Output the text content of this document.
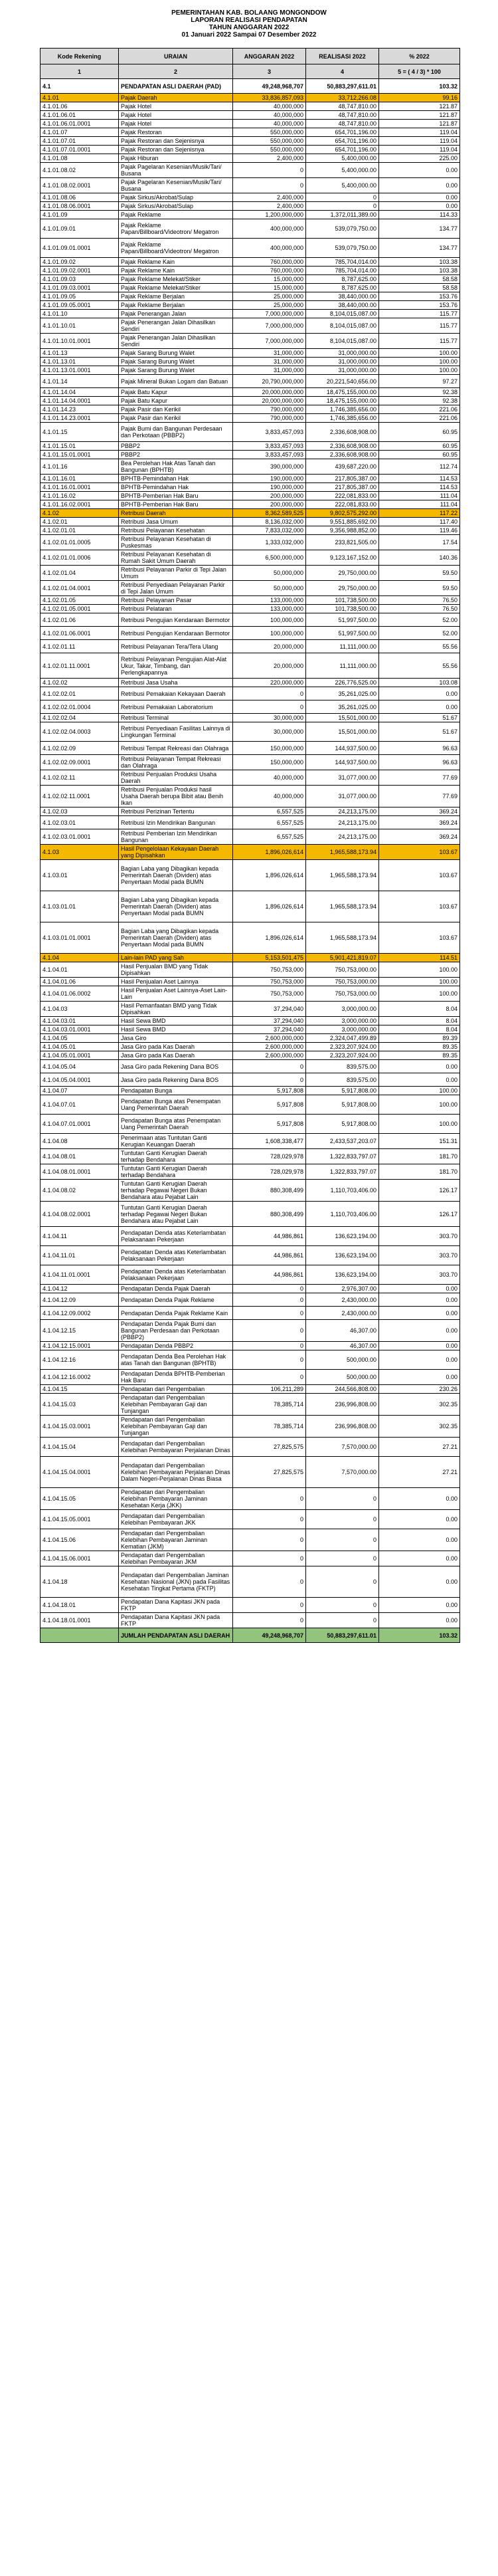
PEMERINTAHAN KAB. BOLAANG MONGONDOW
LAPORAN REALISASI PENDAPATAN
TAHUN ANGGARAN 2022
01 Januari 2022 Sampai 07 Desember 2022
Kode Rekening	URAIAN	ANGGARAN 2022	REALISASI 2022	% 2022
1	2	3	4	5 = ( 4 / 3) * 100
4.1	PENDAPATAN ASLI DAERAH (PAD)	49,248,968,707	50,883,297,611.01	103.32
4.1.01	Pajak Daerah	33,836,857,093	33,712,266.08	99.16
4.1.01.06	Pajak Hotel	40,000,000	48,747,810.00	121.87
4.1.01.06.01	Pajak Hotel	40,000,000	48,747,810.00	121.87
4.1.01.06.01.0001	Pajak Hotel	40,000,000	48,747,810.00	121.87
4.1.01.07	Pajak Restoran	550,000,000	654,701,196.00	119.04
4.1.01.07.01	Pajak Restoran dan Sejenisnya	550,000,000	654,701,196.00	119.04
4.1.01.07.01.0001	Pajak Restoran dan Sejenisnya	550,000,000	654,701,196.00	119.04
4.1.01.08	Pajak Hiburan	2,400,000	5,400,000.00	225.00
4.1.01.08.02	Pajak Pagelaran Kesenian/Musik/Tari/ Busana	0	5,400,000.00	0.00
4.1.01.08.02.0001	Pajak Pagelaran Kesenian/Musik/Tari/ Busana	0	5,400,000.00	0.00
4.1.01.08.06	Pajak Sirkus/Akrobat/Sulap	2,400,000	0	0.00
4.1.01.08.06.0001	Pajak Sirkus/Akrobat/Sulap	2,400,000	0	0.00
4.1.01.09	Pajak Reklame	1,200,000,000	1,372,011,389.00	114.33
4.1.01.09.01	Pajak Reklame Papan/Billboard/Videotron/ Megatron	400,000,000	539,079,750.00	134.77
4.1.01.09.01.0001	Pajak Reklame Papan/Billboard/Videotron/ Megatron	400,000,000	539,079,750.00	134.77
4.1.01.09.02	Pajak Reklame Kain	760,000,000	785,704,014.00	103.38
4.1.01.09.02.0001	Pajak Reklame Kain	760,000,000	785,704,014.00	103.38
4.1.01.09.03	Pajak Reklame Melekat/Stiker	15,000,000	8,787,625.00	58.58
4.1.01.09.03.0001	Pajak Reklame Melekat/Stiker	15,000,000	8,787,625.00	58.58
4.1.01.09.05	Pajak Reklame Berjalan	25,000,000	38,440,000.00	153.76
4.1.01.09.05.0001	Pajak Reklame Berjalan	25,000,000	38,440,000.00	153.76
4.1.01.10	Pajak Penerangan Jalan	7,000,000,000	8,104,015,087.00	115.77
4.1.01.10.01	Pajak Penerangan Jalan Dihasilkan Sendiri	7,000,000,000	8,104,015,087.00	115.77
4.1.01.10.01.0001	Pajak Penerangan Jalan Dihasilkan Sendiri	7,000,000,000	8,104,015,087.00	115.77
4.1.01.13	Pajak Sarang Burung Walet	31,000,000	31,000,000.00	100.00
4.1.01.13.01	Pajak Sarang Burung Walet	31,000,000	31,000,000.00	100.00
4.1.01.13.01.0001	Pajak Sarang Burung Walet	31,000,000	31,000,000.00	100.00
4.1.01.14	Pajak Mineral Bukan Logam dan Batuan	20,790,000,000	20,221,540,656.00	97.27
4.1.01.14.04	Pajak Batu Kapur	20,000,000,000	18,475,155,000.00	92.38
4.1.01.14.04.0001	Pajak Batu Kapur	20,000,000,000	18,475,155,000.00	92.38
4.1.01.14.23	Pajak Pasir dan Kerikil	790,000,000	1,746,385,656.00	221.06
4.1.01.14.23.0001	Pajak Pasir dan Kerikil	790,000,000	1,746,385,656.00	221.06
4.1.01.15	Pajak Bumi dan Bangunan Perdesaan dan Perkotaan (PBBP2)	3,833,457,093	2,336,608,908.00	60.95
4.1.01.15.01	PBBP2	3,833,457,093	2,336,608,908.00	60.95
4.1.01.15.01.0001	PBBP2	3,833,457,093	2,336,608,908.00	60.95
4.1.01.16	Bea Perolehan Hak Atas Tanah dan Bangunan (BPHTB)	390,000,000	439,687,220.00	112.74
4.1.01.16.01	BPHTB-Pemindahan Hak	190,000,000	217,805,387.00	114.53
4.1.01.16.01.0001	BPHTB-Pemindahan Hak	190,000,000	217,805,387.00	114.53
4.1.01.16.02	BPHTB-Pemberian Hak Baru	200,000,000	222,081,833.00	111.04
4.1.01.16.02.0001	BPHTB-Pemberian Hak Baru	200,000,000	222,081,833.00	111.04
4.1.02	Retribusi Daerah	8,362,589,525	9,802,575,292.00	117.22
4.1.02.01	Retribusi Jasa Umum	8,136,032,000	9,551,885,692.00	117.40
4.1.02.01.01	Retribusi Pelayanan Kesehatan	7,833,032,000	9,356,988,852.00	119.46
4.1.02.01.01.0005	Retribusi Pelayanan Kesehatan di Puskesmas	1,333,032,000	233,821,505.00	17.54
4.1.02.01.01.0006	Retribusi Pelayanan Kesehatan di Rumah Sakit Umum Daerah	6,500,000,000	9,123,167,152.00	140.36
4.1.02.01.04	Retribusi Pelayanan Parkir di Tepi Jalan Umum	50,000,000	29,750,000.00	59.50
4.1.02.01.04.0001	Retribusi Penyediaan Pelayanan Parkir di Tepi Jalan Umum	50,000,000	29,750,000.00	59.50
4.1.02.01.05	Retribusi Pelayanan Pasar	133,000,000	101,738,500.00	76.50
4.1.02.01.05.0001	Retribusi Pelataran	133,000,000	101,738,500.00	76.50
4.1.02.01.06	Retribusi Pengujian Kendaraan Bermotor	100,000,000	51,997,500.00	52.00
4.1.02.01.06.0001	Retribusi Pengujian Kendaraan Bermotor	100,000,000	51,997,500.00	52.00
4.1.02.01.11	Retribusi Pelayanan Tera/Tera Ulang	20,000,000	11,111,000.00	55.56
4.1.02.01.11.0001	Retribusi Pelayanan Pengujian Alat-Alat Ukur, Takar, Timbang, dan Perlengkapannya	20,000,000	11,111,000.00	55.56
4.1.02.02	Retribusi Jasa Usaha	220,000,000	226,776,525.00	103.08
4.1.02.02.01	Retribusi Pemakaian Kekayaan Daerah	0	35,261,025.00	0.00
4.1.02.02.01.0004	Retribusi Pemakaian Laboratorium	0	35,261,025.00	0.00
4.1.02.02.04	Retribusi Terminal	30,000,000	15,501,000.00	51.67
4.1.02.02.04.0003	Retribusi Penyediaan Fasilitas Lainnya di Lingkungan Terminal	30,000,000	15,501,000.00	51.67
4.1.02.02.09	Retribusi Tempat Rekreasi dan Olahraga	150,000,000	144,937,500.00	96.63
4.1.02.02.09.0001	Retribusi Pelayanan Tempat Rekreasi dan Olahraga	150,000,000	144,937,500.00	96.63
4.1.02.02.11	Retribusi Penjualan Produksi Usaha Daerah	40,000,000	31,077,000.00	77.69
4.1.02.02.11.0001	Retribusi Penjualan Produksi hasil Usaha Daerah berupa Bibit atau Benih Ikan	40,000,000	31,077,000.00	77.69
4.1.02.03	Retribusi Perizinan Tertentu	6,557,525	24,213,175.00	369.24
4.1.02.03.01	Retribusi Izin Mendirikan Bangunan	6,557,525	24,213,175.00	369.24
4.1.02.03.01.0001	Retribusi Pemberian Izin Mendirikan Bangunan	6,557,525	24,213,175.00	369.24
4.1.03	Hasil Pengelolaan Kekayaan Daerah yang Dipisahkan	1,896,026,614	1,965,588,173.94	103.67
4.1.03.01	Bagian Laba yang Dibagikan kepada Pemerintah Daerah (Dividen) atas Penyertaan Modal pada BUMN	1,896,026,614	1,965,588,173.94	103.67
4.1.03.01.01	Bagian Laba yang Dibagikan kepada Pemerintah Daerah (Dividen) atas Penyertaan Modal pada BUMN	1,896,026,614	1,965,588,173.94	103.67
4.1.03.01.01.0001	Bagian Laba yang Dibagikan kepada Pemerintah Daerah (Dividen) atas Penyertaan Modal pada BUMN	1,896,026,614	1,965,588,173.94	103.67
4.1.04	Lain-lain PAD yang Sah	5,153,501,475	5,901,421,819.07	114.51
4.1.04.01	Hasil Penjualan BMD yang Tidak Dipisahkan	750,753,000	750,753,000.00	100.00
4.1.04.01.06	Hasil Penjualan Aset Lainnya	750,753,000	750,753,000.00	100.00
4.1.04.01.06.0002	Hasil Penjualan Aset Lainnya-Aset Lain-Lain	750,753,000	750,753,000.00	100.00
4.1.04.03	Hasil Pemanfaatan BMD yang Tidak Dipisahkan	37,294,040	3,000,000.00	8.04
4.1.04.03.01	Hasil Sewa BMD	37,294,040	3,000,000.00	8.04
4.1.04.03.01.0001	Hasil Sewa BMD	37,294,040	3,000,000.00	8.04
4.1.04.05	Jasa Giro	2,600,000,000	2,324,047,499.89	89.39
4.1.04.05.01	Jasa Giro pada Kas Daerah	2,600,000,000	2,323,207,924.00	89.35
4.1.04.05.01.0001	Jasa Giro pada Kas Daerah	2,600,000,000	2,323,207,924.00	89.35
4.1.04.05.04	Jasa Giro pada Rekening Dana BOS	0	839,575.00	0.00
4.1.04.05.04.0001	Jasa Giro pada Rekening Dana BOS	0	839,575.00	0.00
4.1.04.07	Pendapatan Bunga	5,917,808	5,917,808.00	100.00
4.1.04.07.01	Pendapatan Bunga atas Penempatan Uang Pemerintah Daerah	5,917,808	5,917,808.00	100.00
4.1.04.07.01.0001	Pendapatan Bunga atas Penempatan Uang Pemerintah Daerah	5,917,808	5,917,808.00	100.00
4.1.04.08	Penerimaan atas Tuntutan Ganti Kerugian Keuangan Daerah	1,608,338,477	2,433,537,203.07	151.31
4.1.04.08.01	Tuntutan Ganti Kerugian Daerah terhadap Bendahara	728,029,978	1,322,833,797.07	181.70
4.1.04.08.01.0001	Tuntutan Ganti Kerugian Daerah terhadap Bendahara	728,029,978	1,322,833,797.07	181.70
4.1.04.08.02	Tuntutan Ganti Kerugian Daerah terhadap Pegawai Negeri Bukan Bendahara atau Pejabat Lain	880,308,499	1,110,703,406.00	126.17
4.1.04.08.02.0001	Tuntutan Ganti Kerugian Daerah terhadap Pegawai Negeri Bukan Bendahara atau Pejabat Lain	880,308,499	1,110,703,406.00	126.17
4.1.04.11	Pendapatan Denda atas Keterlambatan Pelaksanaan Pekerjaan	44,986,861	136,623,194.00	303.70
4.1.04.11.01	Pendapatan Denda atas Keterlambatan Pelaksanaan Pekerjaan	44,986,861	136,623,194.00	303.70
4.1.04.11.01.0001	Pendapatan Denda atas Keterlambatan Pelaksanaan Pekerjaan	44,986,861	136,623,194.00	303.70
4.1.04.12	Pendapatan Denda Pajak Daerah	0	2,976,307.00	0.00
4.1.04.12.09	Pendapatan Denda Pajak Reklame	0	2,430,000.00	0.00
4.1.04.12.09.0002	Pendapatan Denda Pajak Reklame Kain	0	2,430,000.00	0.00
4.1.04.12.15	Pendapatan Denda Pajak Bumi dan Bangunan Perdesaan dan Perkotaan (PBBP2)	0	46,307.00	0.00
4.1.04.12.15.0001	Pendapatan Denda PBBP2	0	46,307.00	0.00
4.1.04.12.16	Pendapatan Denda Bea Perolehan Hak atas Tanah dan Bangunan (BPHTB)	0	500,000.00	0.00
4.1.04.12.16.0002	Pendapatan Denda BPHTB-Pemberian Hak Baru	0	500,000.00	0.00
4.1.04.15	Pendapatan dari Pengembalian	106,211,289	244,566,808.00	230.26
4.1.04.15.03	Pendapatan dari Pengembalian Kelebihan Pembayaran Gaji dan Tunjangan	78,385,714	236,996,808.00	302.35
4.1.04.15.03.0001	Pendapatan dari Pengembalian Kelebihan Pembayaran Gaji dan Tunjangan	78,385,714	236,996,808.00	302.35
4.1.04.15.04	Pendapatan dari Pengembalian Kelebihan Pembayaran Perjalanan Dinas	27,825,575	7,570,000.00	27.21
4.1.04.15.04.0001	Pendapatan dari Pengembalian Kelebihan Pembayaran Perjalanan Dinas Dalam Negeri-Perjalanan Dinas Biasa	27,825,575	7,570,000.00	27.21
4.1.04.15.05	Pendapatan dari Pengembalian Kelebihan Pembayaran Jaminan Kesehatan Kerja (JKK)	0	0	0.00
4.1.04.15.05.0001	Pendapatan dari Pengembalian Kelebihan Pembayaran JKK	0	0	0.00
4.1.04.15.06	Pendapatan dari Pengembalian Kelebihan Pembayaran Jaminan Kematian (JKM)	0	0	0.00
4.1.04.15.06.0001	Pendapatan dari Pengembalian Kelebihan Pembayaran JKM	0	0	0.00
4.1.04.18	Pendapatan dari Pengembalian Jaminan Kesehatan Nasional (JKN) pada Fasilitas Kesehatan Tingkat Pertama (FKTP)	0	0	0.00
4.1.04.18.01	Pendapatan Dana Kapitasi JKN pada FKTP	0	0	0.00
4.1.04.18.01.0001	Pendapatan Dana Kapitasi JKN pada FKTP	0	0	0.00
	JUMLAH PENDAPATAN ASLI DAERAH	49,248,968,707	50,883,297,611.01	103.32
